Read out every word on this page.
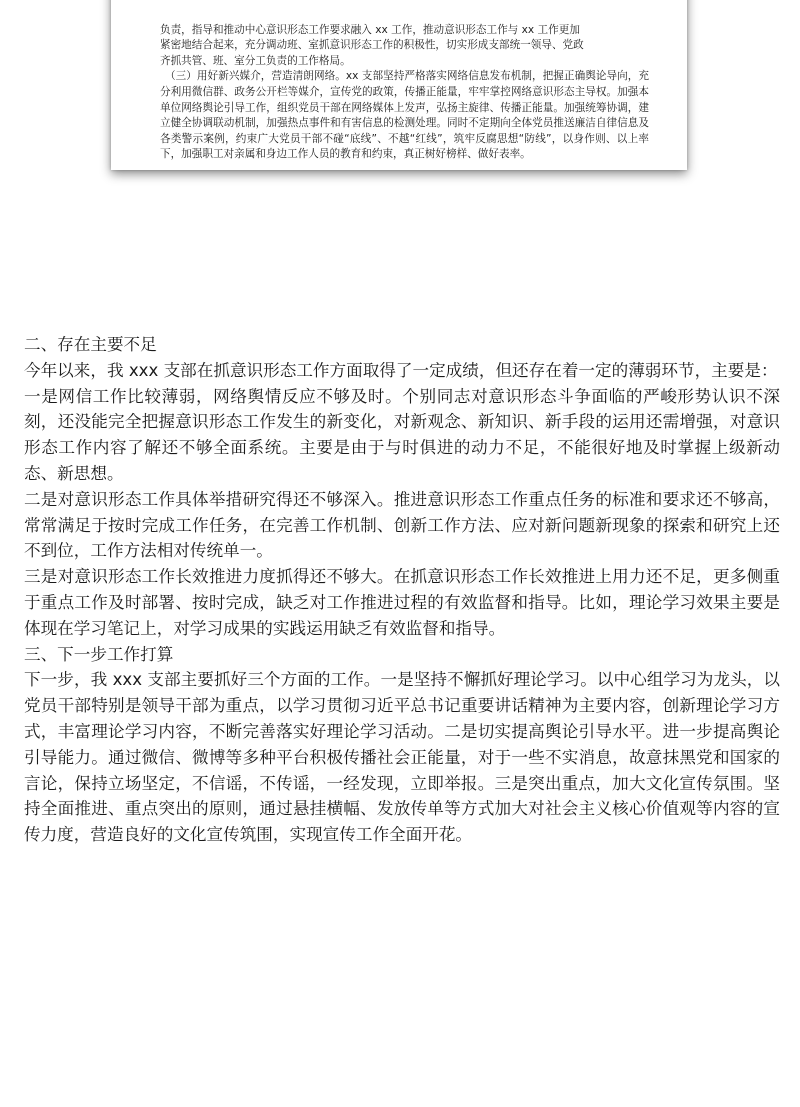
负责，指导和推动中心意识形态工作要求融入 xx 工作，推动意识形态工作与 xx 工作更加

紧密地结合起来，充分调动班、室抓意识形态工作的积极性，切实形成支部统一领导、党政

齐抓共管、班、室分工负责的工作格局。

（三）用好新兴媒介，营造清朗网络。xx 支部坚持严格落实网络信息发布机制，把握正确舆论导向，充分利用微信群、政务公开栏等媒介，宣传党的政策，传播正能量，牢牢掌控网络意识形态主导权。加强本单位网络舆论引导工作，组织党员干部在网络媒体上发声，弘扬主旋律、传播正能量。加强统筹协调，建立健全协调联动机制，加强热点事件和有害信息的检测处理。同时不定期向全体党员推送廉洁自律信息及各类警示案例，约束广大党员干部不碰“底线”、不越“红线”，筑牢反腐思想“防线”，以身作则、以上率下，加强职工对亲属和身边工作人员的教育和约束，真正树好榜样、做好表率。

二、存在主要不足

今年以来，我 xxx 支部在抓意识形态工作方面取得了一定成绩，但还存在着一定的薄弱环节，主要是：

一是网信工作比较薄弱，网络舆情反应不够及时。个别同志对意识形态斗争面临的严峻形势认识不深刻，还没能完全把握意识形态工作发生的新变化，对新观念、新知识、新手段的运用还需增强，对意识形态工作内容了解还不够全面系统。主要是由于与时俱进的动力不足，不能很好地及时掌握上级新动态、新思想。

二是对意识形态工作具体举措研究得还不够深入。推进意识形态工作重点任务的标准和要求还不够高，常常满足于按时完成工作任务，在完善工作机制、创新工作方法、应对新问题新现象的探索和研究上还不到位，工作方法相对传统单一。

三是对意识形态工作长效推进力度抓得还不够大。在抓意识形态工作长效推进上用力还不足，更多侧重于重点工作及时部署、按时完成，缺乏对工作推进过程的有效监督和指导。比如，理论学习效果主要是体现在学习笔记上，对学习成果的实践运用缺乏有效监督和指导。

三、下一步工作打算

下一步，我 xxx 支部主要抓好三个方面的工作。一是坚持不懈抓好理论学习。以中心组学习为龙头，以党员干部特别是领导干部为重点，以学习贯彻习近平总书记重要讲话精神为主要内容，创新理论学习方式，丰富理论学习内容，不断完善落实好理论学习活动。二是切实提高舆论引导水平。进一步提高舆论引导能力。通过微信、微博等多种平台积极传播社会正能量，对于一些不实消息，故意抹黑党和国家的言论，保持立场坚定，不信谣，不传谣，一经发现，立即举报。三是突出重点，加大文化宣传氛围。坚持全面推进、重点突出的原则，通过悬挂横幅、发放传单等方式加大对社会主义核心价值观等内容的宣传力度，营造良好的文化宣传筑围，实现宣传工作全面开花。
